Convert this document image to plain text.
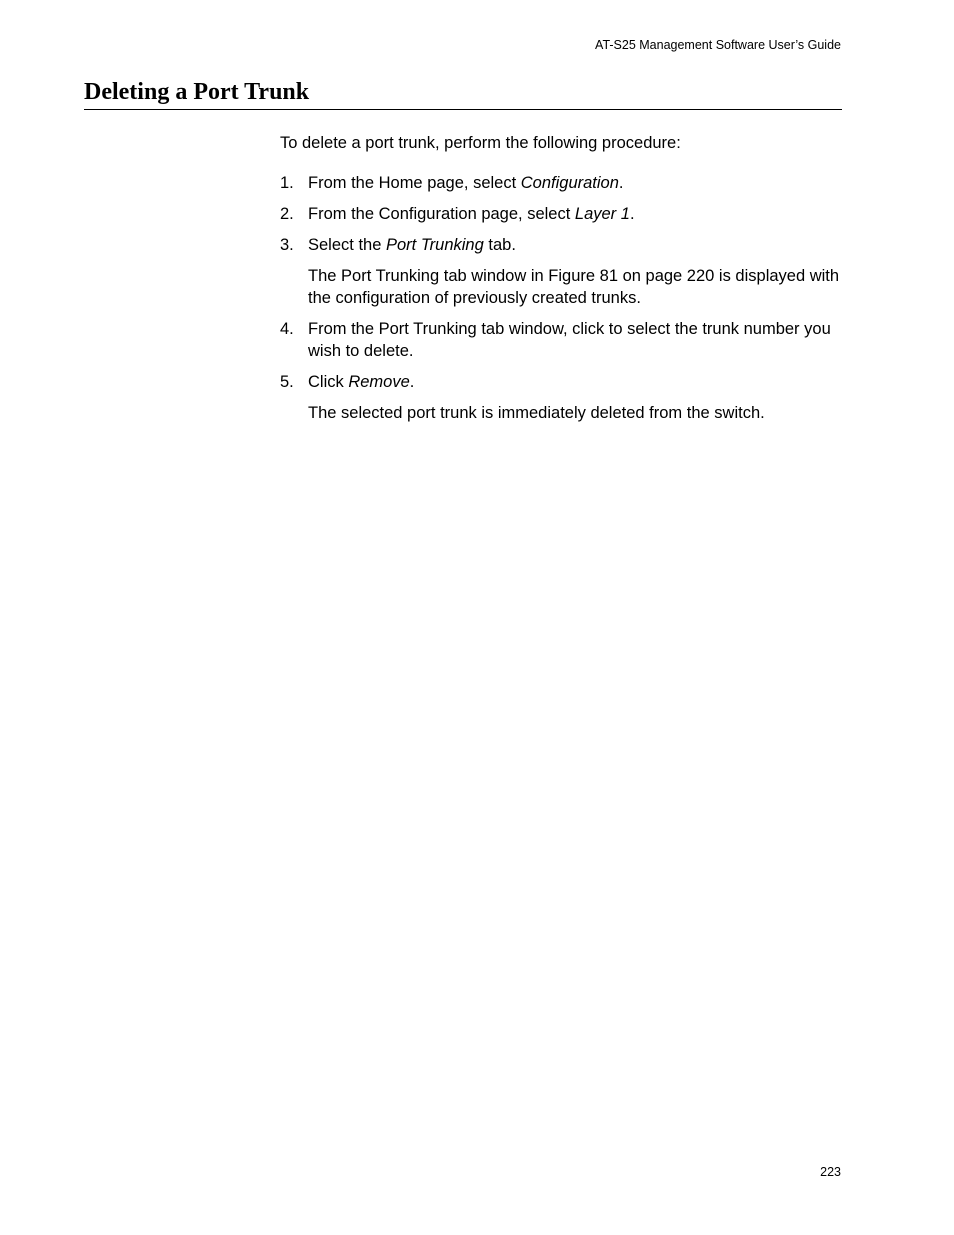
AT-S25 Management Software User’s Guide
Deleting a Port Trunk

To delete a port trunk, perform the following procedure:

1. From the Home page, select Configuration.
2. From the Configuration page, select Layer 1.
3. Select the Port Trunking tab.

The Port Trunking tab window in Figure 81 on page 220 is displayed with the configuration of previously created trunks.

4. From the Port Trunking tab window, click to select the trunk number you wish to delete.
5. Click Remove.

The selected port trunk is immediately deleted from the switch.

223
